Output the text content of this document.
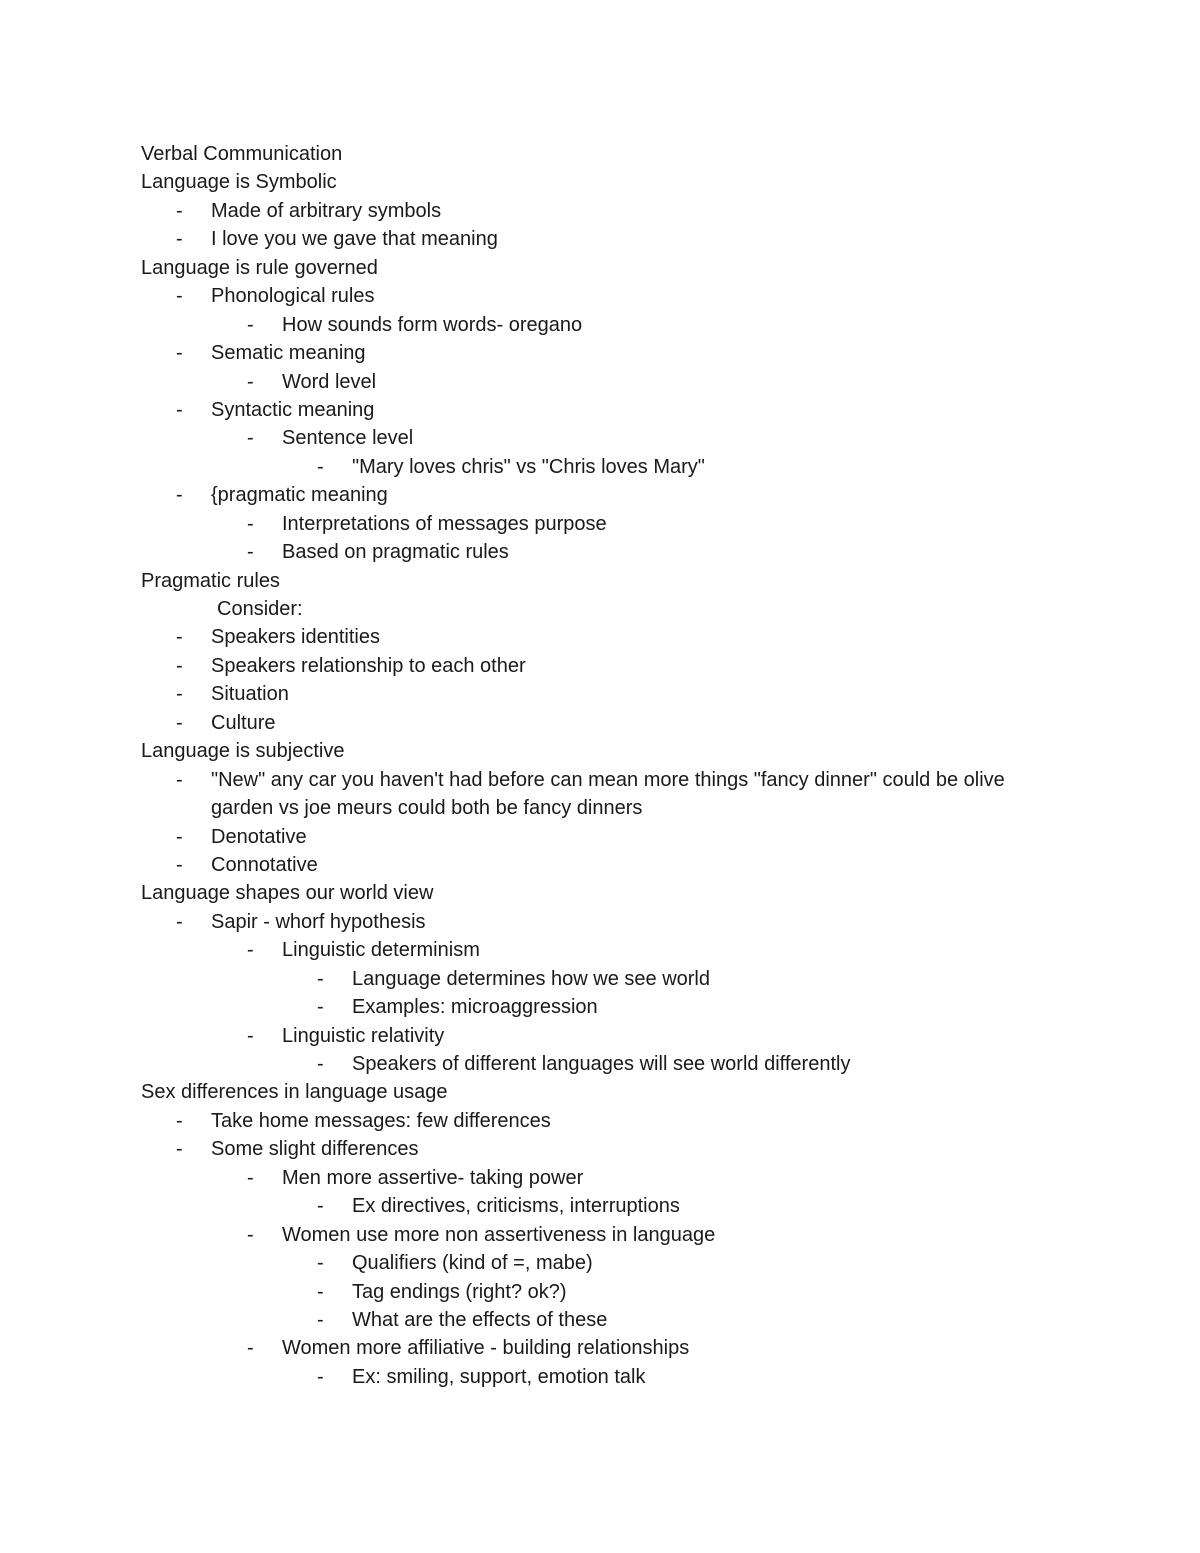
Verbal Communication
Language is Symbolic
- Made of arbitrary symbols
- I love you we gave that meaning
Language is rule governed
- Phonological rules
- How sounds form words- oregano
- Sematic meaning
- Word level
- Syntactic meaning
- Sentence level
- "Mary loves chris" vs "Chris loves Mary"
- {pragmatic meaning
- Interpretations of messages purpose
- Based on pragmatic rules
Pragmatic rules
Consider:
- Speakers identities
- Speakers relationship to each other
- Situation
- Culture
Language is subjective
- "New" any car you haven't had before can mean more things "fancy dinner" could be olive garden vs joe meurs could both be fancy dinners
- Denotative
- Connotative
Language shapes our world view
- Sapir - whorf hypothesis
- Linguistic determinism
- Language determines how we see world
- Examples: microaggression
- Linguistic relativity
- Speakers of different languages will see world differently
Sex differences in language usage
- Take home messages: few differences
- Some slight differences
- Men more assertive- taking power
- Ex directives, criticisms, interruptions
- Women use more non assertiveness in language
- Qualifiers (kind of =, mabe)
- Tag endings (right? ok?)
- What are the effects of these
- Women more affiliative - building relationships
- Ex: smiling, support, emotion talk
